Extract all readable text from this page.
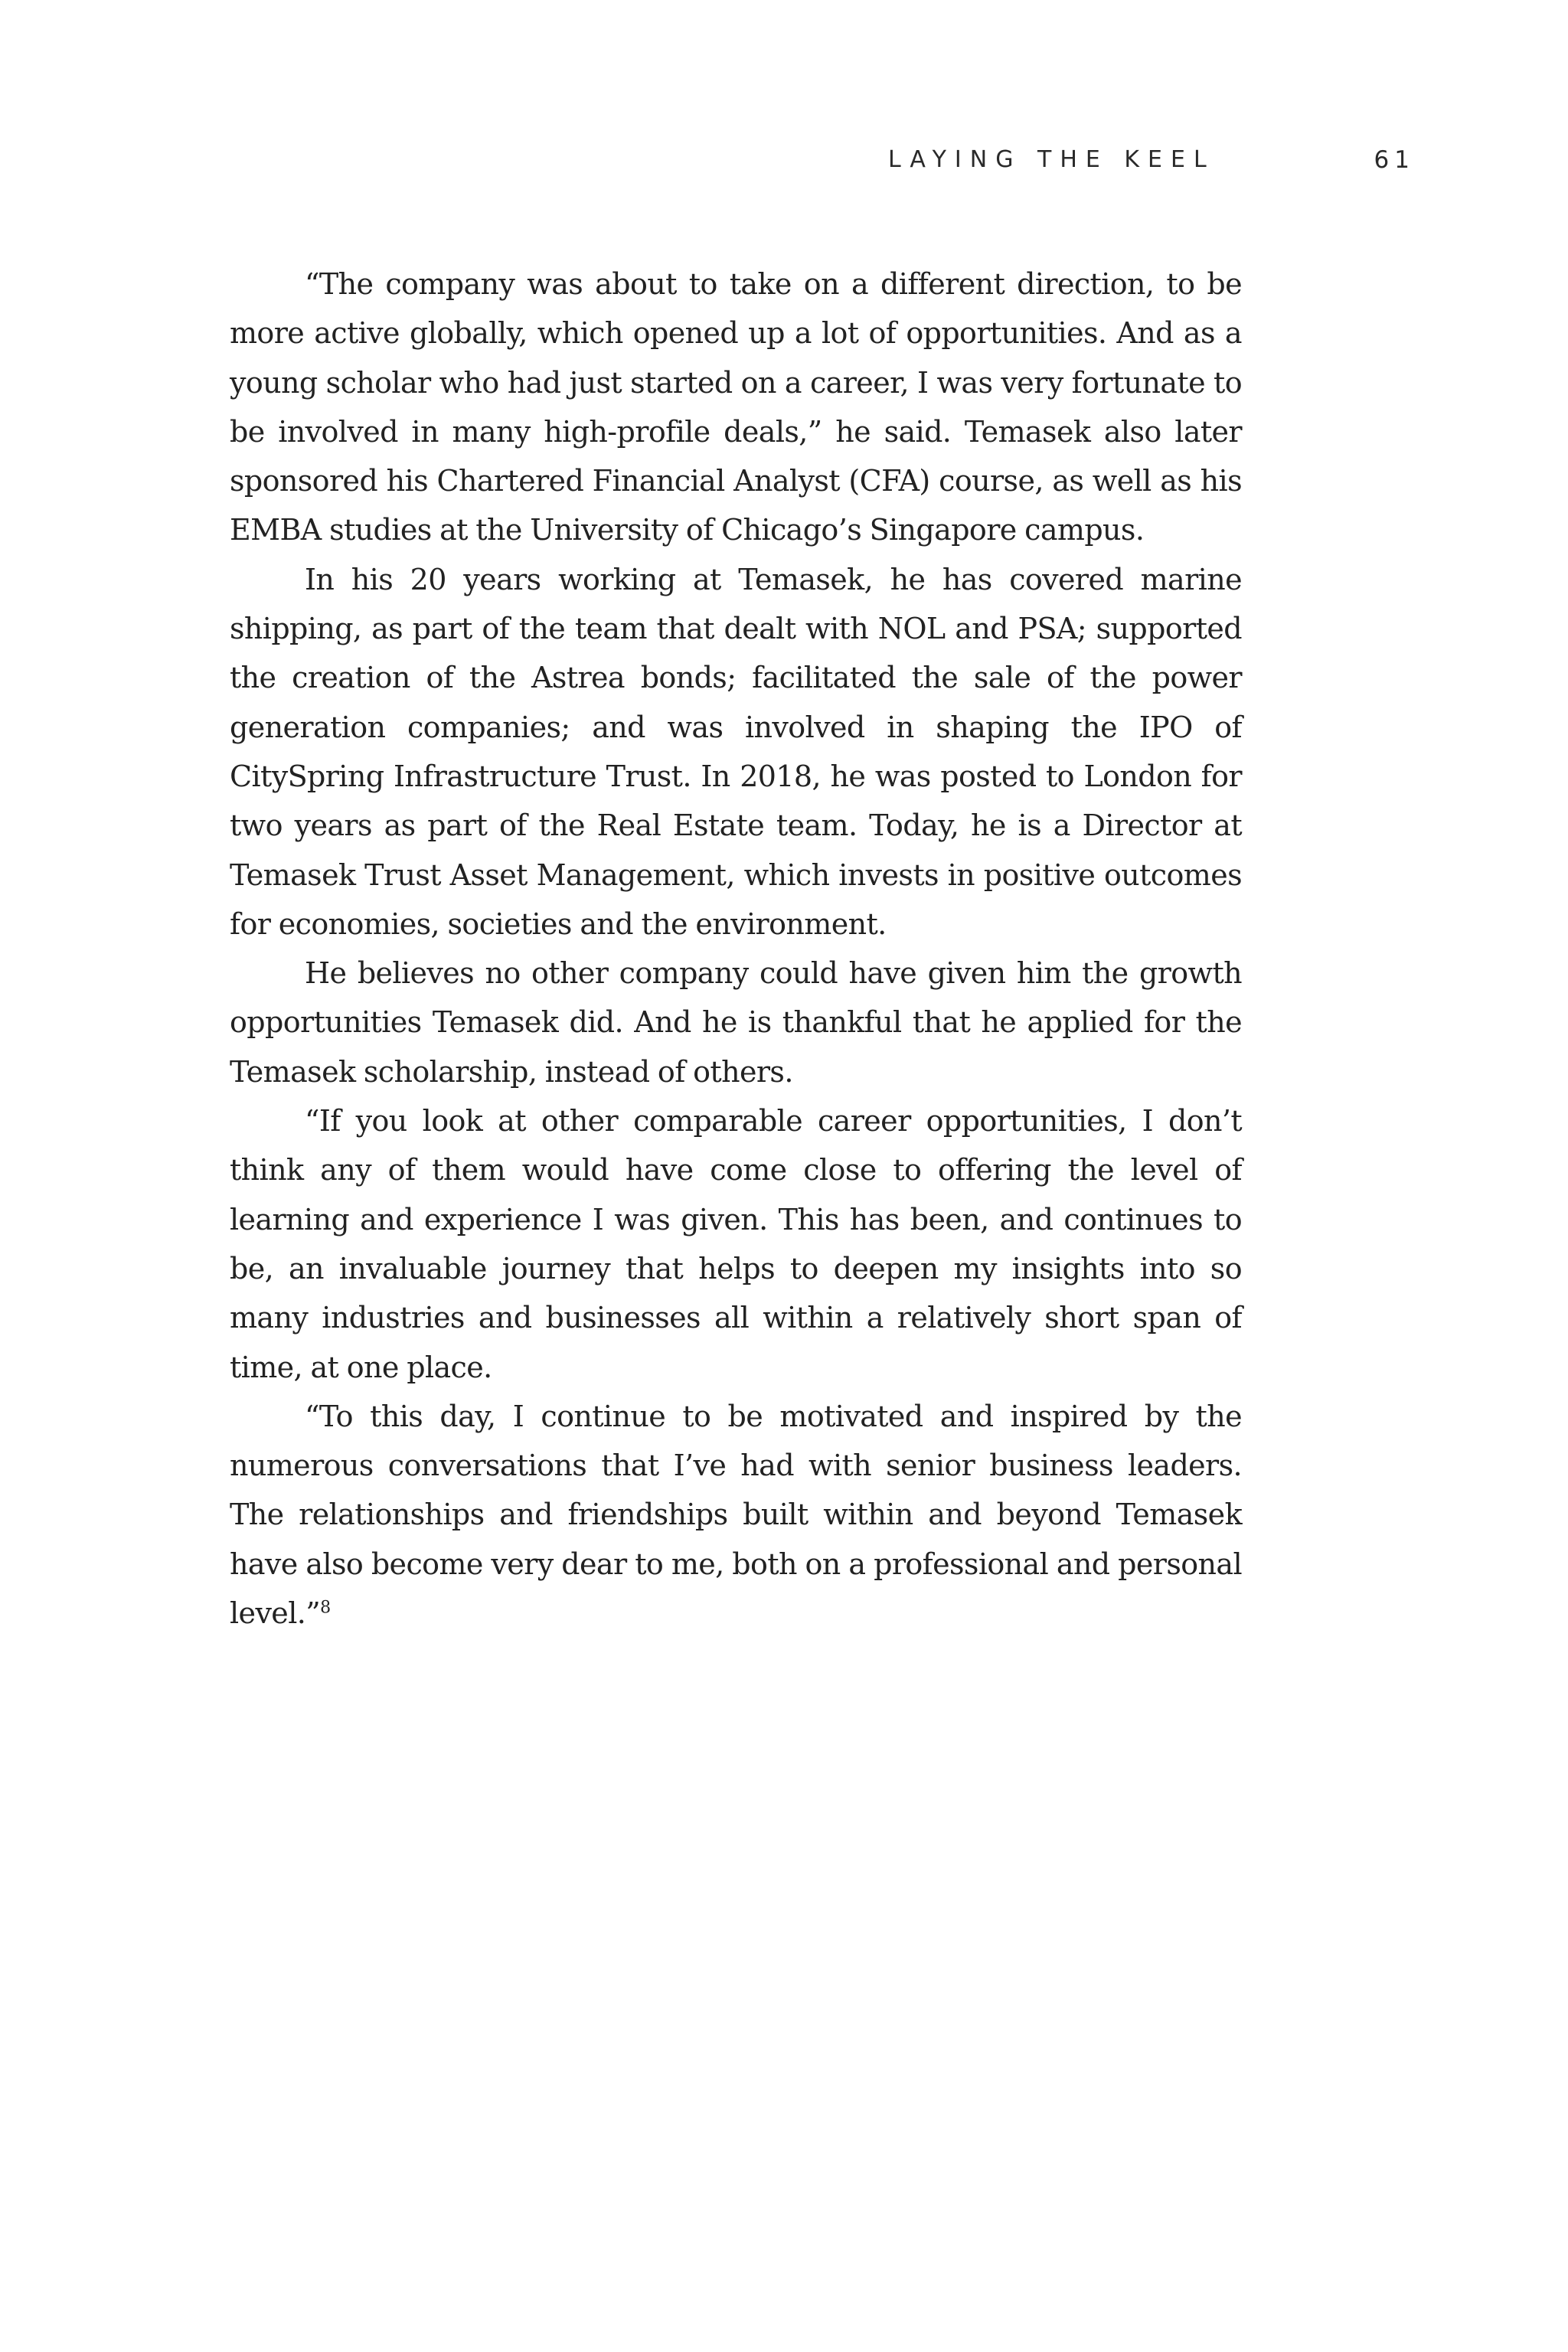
LAYING THE KEEL	61

“The company was about to take on a different direction, to be more active globally, which opened up a lot of opportunities. And as a young scholar who had just started on a career, I was very fortunate to be involved in many high-profile deals,” he said. Temasek also later sponsored his Chartered Financial Analyst (CFA) course, as well as his EMBA studies at the University of Chicago’s Singapore campus.

In his 20 years working at Temasek, he has covered marine shipping, as part of the team that dealt with NOL and PSA; supported the creation of the Astrea bonds; facilitated the sale of the power generation companies; and was involved in shaping the IPO of CitySpring Infrastructure Trust. In 2018, he was posted to London for two years as part of the Real Estate team. Today, he is a Director at Temasek Trust Asset Management, which invests in positive outcomes for economies, societies and the environment.

He believes no other company could have given him the growth opportunities Temasek did. And he is thankful that he applied for the Temasek scholarship, instead of others.

“If you look at other comparable career opportunities, I don’t think any of them would have come close to offering the level of learning and experience I was given. This has been, and continues to be, an invaluable journey that helps to deepen my insights into so many industries and businesses all within a relatively short span of time, at one place.

“To this day, I continue to be motivated and inspired by the numerous conversations that I’ve had with senior business leaders. The relationships and friendships built within and beyond Temasek have also become very dear to me, both on a professional and personal level.”$^8$
